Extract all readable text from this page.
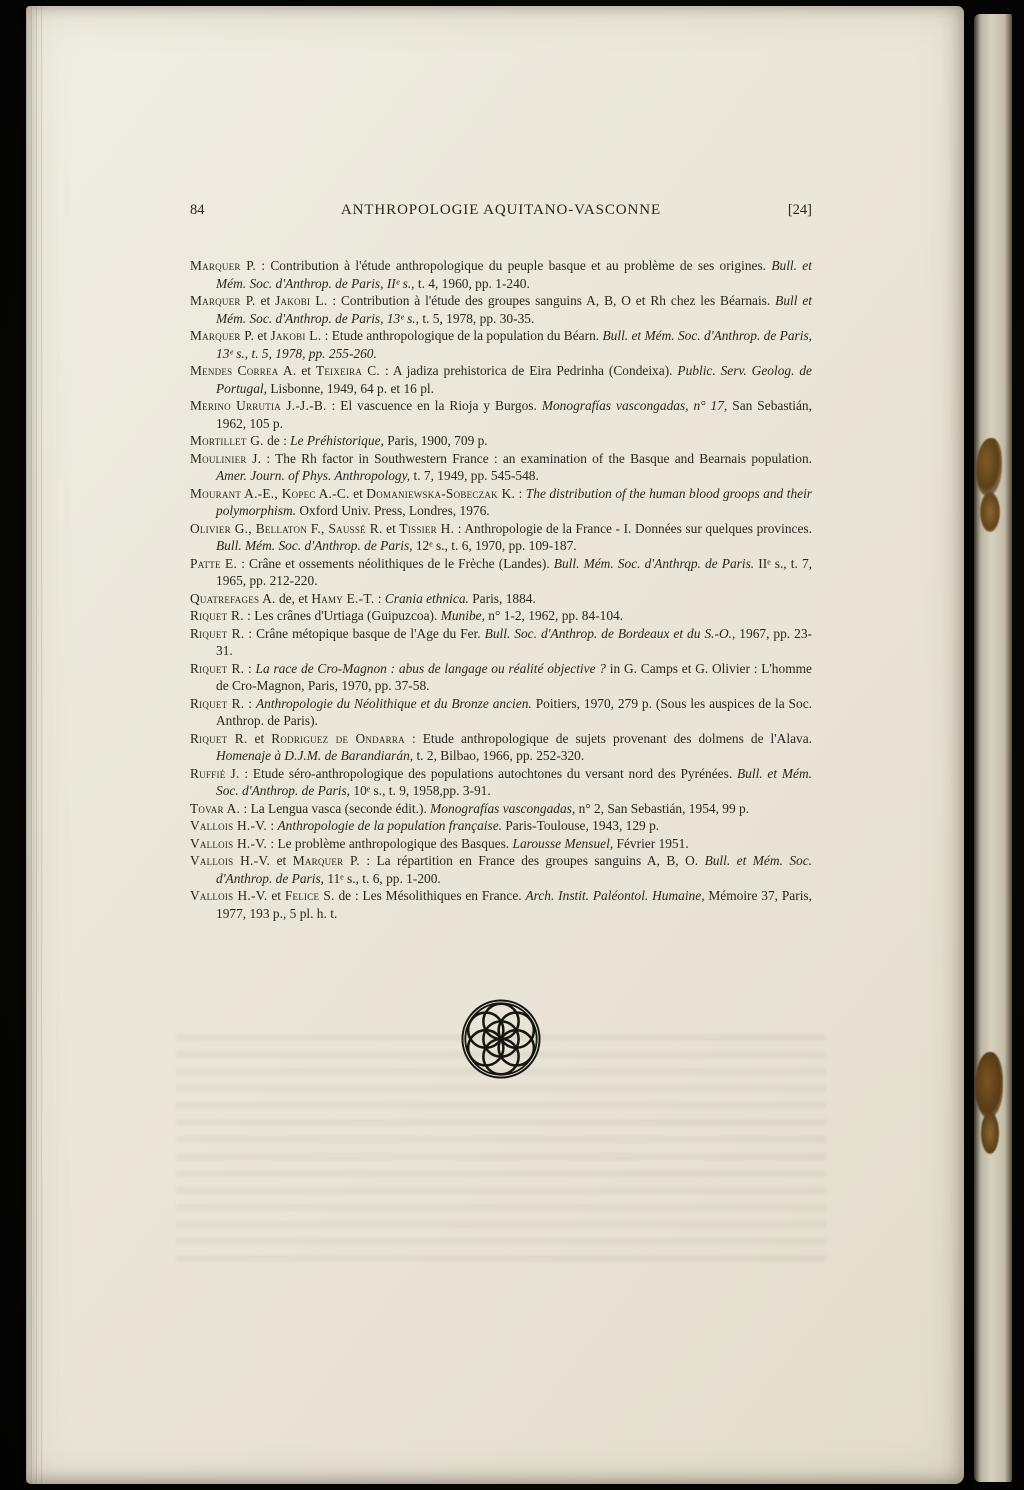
84	ANTHROPOLOGIE AQUITANO-VASCONNE	[24]

Marquer P. : Contribution à l'étude anthropologique du peuple basque et au problème de ses origines. Bull. et Mém. Soc. d'Anthrop. de Paris, IIᵉ s., t. 4, 1960, pp. 1-240.

Marquer P. et Jakobi L. : Contribution à l'étude des groupes sanguins A, B, O et Rh chez les Béarnais. Bull et Mém. Soc. d'Anthrop. de Paris, 13ᵉ s., t. 5, 1978, pp. 30-35.

Marquer P. et Jakobi L. : Etude anthropologique de la population du Béarn. Bull. et Mém. Soc. d'Anthrop. de Paris, 13ᵉ s., t. 5, 1978, pp. 255-260.

Mendes Correa A. et Teixeira C. : A jadiza prehistorica de Eira Pedrinha (Condeixa). Public. Serv. Geolog. de Portugal, Lisbonne, 1949, 64 p. et 16 pl.

Merino Urrutia J.-J.-B. : El vascuence en la Rioja y Burgos. Monografías vascongadas, n° 17, San Sebastián, 1962, 105 p.

Mortillet G. de : Le Préhistorique, Paris, 1900, 709 p.

Moulinier J. : The Rh factor in Southwestern France : an examination of the Basque and Bearnais population. Amer. Journ. of Phys. Anthropology, t. 7, 1949, pp. 545-548.

Mourant A.-E., Kopec A.-C. et Domaniewska-Sobeczak K. : The distribution of the human blood groops and their polymorphism. Oxford Univ. Press, Londres, 1976.

Olivier G., Bellaton F., Saussé R. et Tissier H. : Anthropologie de la France - I. Données sur quelques provinces. Bull. Mém. Soc. d'Anthrop. de Paris, 12ᵉ s., t. 6, 1970, pp. 109-187.

Patte E. : Crâne et ossements néolithiques de le Frèche (Landes). Bull. Mém. Soc. d'Anthrqp. de Paris. IIᵉ s., t. 7, 1965, pp. 212-220.

Quatrefages A. de, et Hamy E.-T. : Crania ethnica. Paris, 1884.

Riquet R. : Les crânes d'Urtiaga (Guipuzcoa). Munibe, n° 1-2, 1962, pp. 84-104.

Riquet R. : Crâne métopique basque de l'Age du Fer. Bull. Soc. d'Anthrop. de Bordeaux et du S.-O., 1967, pp. 23-31.

Riquet R. : La race de Cro-Magnon : abus de langage ou réalité objective ? in G. Camps et G. Olivier : L'homme de Cro-Magnon, Paris, 1970, pp. 37-58.

Riquet R. : Anthropologie du Néolithique et du Bronze ancien. Poitiers, 1970, 279 p. (Sous les auspices de la Soc. Anthrop. de Paris).

Riquet R. et Rodriguez de Ondarra : Etude anthropologique de sujets provenant des dolmens de l'Alava. Homenaje à D.J.M. de Barandiarán, t. 2, Bilbao, 1966, pp. 252-320.

Ruffié J. : Etude séro-anthropologique des populations autochtones du versant nord des Pyrénées. Bull. et Mém. Soc. d'Anthrop. de Paris, 10ᵉ s., t. 9, 1958,pp. 3-91.

Tovar A. : La Lengua vasca (seconde édit.). Monografías vascongadas, n° 2, San Sebastián, 1954, 99 p.

Vallois H.-V. : Anthropologie de la population française. Paris-Toulouse, 1943, 129 p.

Vallois H.-V. : Le problème anthropologique des Basques. Larousse Mensuel, Février 1951.

Vallois H.-V. et Marquer P. : La répartition en France des groupes sanguins A, B, O. Bull. et Mém. Soc. d'Anthrop. de Paris, 11ᵉ s., t. 6, pp. 1-200.

Vallois H.-V. et Felice S. de : Les Mésolithiques en France. Arch. Instit. Paléontol. Humaine, Mémoire 37, Paris, 1977, 193 p., 5 pl. h. t.
